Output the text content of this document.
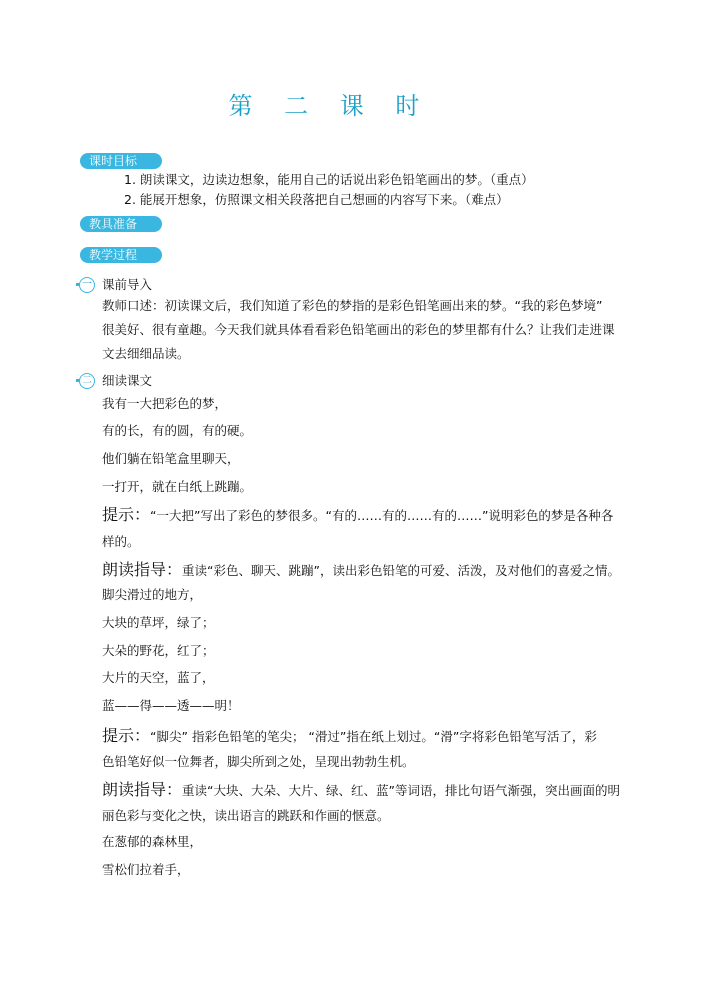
第 二 课 时
课时目标
1. 朗读课文，边读边想象，能用自己的话说出彩色铅笔画出的梦。（重点）
2. 能展开想象，仿照课文相关段落把自己想画的内容写下来。（难点）
教具准备
教学过程
一 课前导入
教师口述：初读课文后，我们知道了彩色的梦指的是彩色铅笔画出来的梦。“我的彩色梦境”
很美好、很有童趣。今天我们就具体看看彩色铅笔画出的彩色的梦里都有什么？让我们走进课
文去细细品读。
二 细读课文
我有一大把彩色的梦，
有的长，有的圆，有的硬。
他们躺在铅笔盒里聊天，
一打开，就在白纸上跳蹦。
提示：“一大把”写出了彩色的梦很多。“有的……有的……有的……”说明彩色的梦是各种各
样的。
朗读指导：重读“彩色、聊天、跳蹦”，读出彩色铅笔的可爱、活泼，及对他们的喜爱之情。
脚尖滑过的地方，
大块的草坪，绿了；
大朵的野花，红了；
大片的天空，蓝了，
蓝——得——透——明！
提示：“脚尖” 指彩色铅笔的笔尖； “滑过”指在纸上划过。“滑”字将彩色铅笔写活了，彩
色铅笔好似一位舞者，脚尖所到之处，呈现出勃勃生机。
朗读指导：重读“大块、大朵、大片、绿、红、蓝”等词语，排比句语气渐强，突出画面的明
丽色彩与变化之快，读出语言的跳跃和作画的惬意。
在葱郁的森林里，
雪松们拉着手，
